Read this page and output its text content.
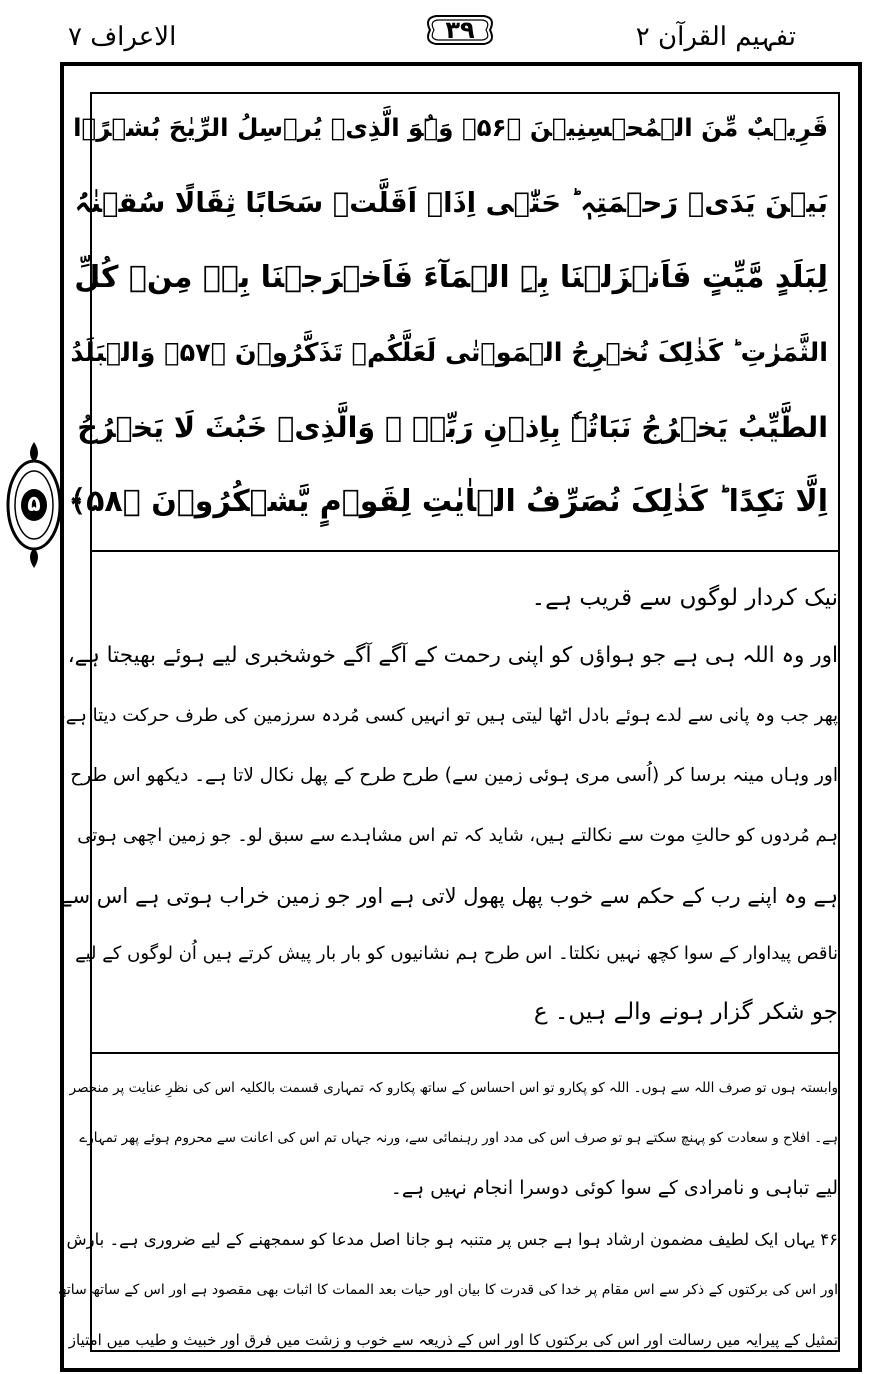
الاعراف ۷	تفہیم القرآن ۲
۳۹
۵
قَرِیۡبٌ مِّنَ الۡمُحۡسِنِیۡنَ ﴿۵۶﴾ وَہُوَ الَّذِیۡ یُرۡسِلُ الرِّیٰحَ بُشۡرًۢا
بَیۡنَ یَدَیۡ رَحۡمَتِہٖ ؕ حَتّٰۤی اِذَاۤ اَقَلَّتۡ سَحَابًا ثِقَالًا سُقۡنٰہُ
لِبَلَدٍ مَّیِّتٍ فَاَنۡزَلۡنَا بِہِ الۡمَآءَ فَاَخۡرَجۡنَا بِہٖ مِنۡ کُلِّ
الثَّمَرٰتِ ؕ کَذٰلِکَ نُخۡرِجُ الۡمَوۡتٰی لَعَلَّکُمۡ تَذَکَّرُوۡنَ ﴿۵۷﴾ وَالۡبَلَدُ
الطَّیِّبُ یَخۡرُجُ نَبَاتُہٗ بِاِذۡنِ رَبِّہٖ ۚ وَالَّذِیۡ خَبُثَ لَا یَخۡرُجُ
اِلَّا نَکِدًا ؕ کَذٰلِکَ نُصَرِّفُ الۡاٰیٰتِ لِقَوۡمٍ یَّشۡکُرُوۡنَ ﴿۵۸﴾
نیک کردار لوگوں سے قریب ہے۔
اور وہ اللہ ہی ہے جو ہواؤں کو اپنی رحمت کے آگے آگے خوشخبری لیے ہوئے بھیجتا ہے،
پھر جب وہ پانی سے لدے ہوئے بادل اٹھا لیتی ہیں تو انہیں کسی مُردہ سرزمین کی طرف حرکت دیتا ہے،
اور وہاں مینہ برسا کر (اُسی مری ہوئی زمین سے) طرح طرح کے پھل نکال لاتا ہے۔ دیکھو اس طرح
ہم مُردوں کو حالتِ موت سے نکالتے ہیں، شاید کہ تم اس مشاہدے سے سبق لو۔ جو زمین اچھی ہوتی
ہے وہ اپنے رب کے حکم سے خوب پھل پھول لاتی ہے اور جو زمین خراب ہوتی ہے اس سے
ناقص پیداوار کے سوا کچھ نہیں نکلتا۔ اس طرح ہم نشانیوں کو بار بار پیش کرتے ہیں اُن لوگوں کے لیے
جو شکر گزار ہونے والے ہیں۔ ع
وابستہ ہوں تو صرف اللہ سے ہوں۔ اللہ کو پکارو تو اس احساس کے ساتھ پکارو کہ تمہاری قسمت بالکلیہ اس کی نظرِ عنایت پر منحصر
ہے۔ افلاح و سعادت کو پہنچ سکتے ہو تو صرف اس کی مدد اور رہنمائی سے، ورنہ جہاں تم اس کی اعانت سے محروم ہوئے پھر تمہارے
لیے تباہی و نامرادی کے سوا کوئی دوسرا انجام نہیں ہے۔
۴۶ یہاں ایک لطیف مضمون ارشاد ہوا ہے جس پر متنبہ ہو جانا اصل مدعا کو سمجھنے کے لیے ضروری ہے۔ بارش
اور اس کی برکتوں کے ذکر سے اس مقام پر خدا کی قدرت کا بیان اور حیات بعد الممات کا اثبات بھی مقصود ہے اور اس کے ساتھ ساتھ
تمثیل کے پیرایہ میں رسالت اور اس کی برکتوں کا اور اس کے ذریعہ سے خوب و زشت میں فرق اور خبیث و طیب میں امتیاز
